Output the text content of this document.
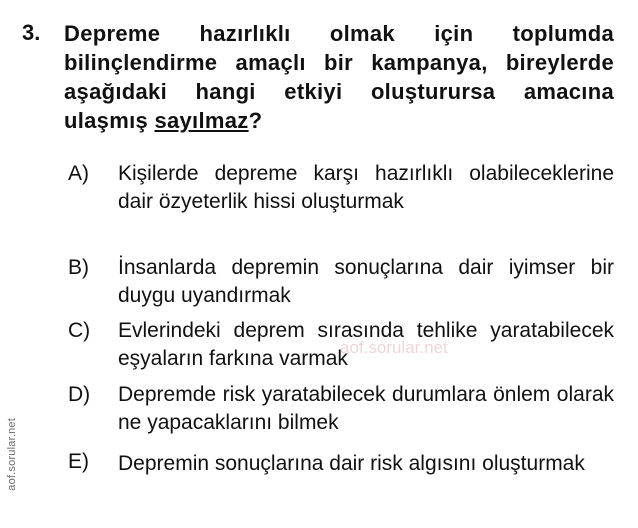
3. Depreme hazırlıklı olmak için toplumda bilinçlendirme amaçlı bir kampanya, bireylerde aşağıdaki hangi etkiyi oluşturursa amacına ulaşmış sayılmaz?
A) Kişilerde depreme karşı hazırlıklı olabileceklerine dair özyeterlik hissi oluşturmak
B) İnsanlarda depremin sonuçlarına dair iyimser bir duygu uyandırmak
C) Evlerindeki deprem sırasında tehlike yaratabilecek eşyaların farkına varmak
D) Depremde risk yaratabilecek durumlara önlem olarak ne yapacaklarını bilmek
E) Depremin sonuçlarına dair risk algısını oluşturmak
aof.sorular.net
aof.sorular.net
